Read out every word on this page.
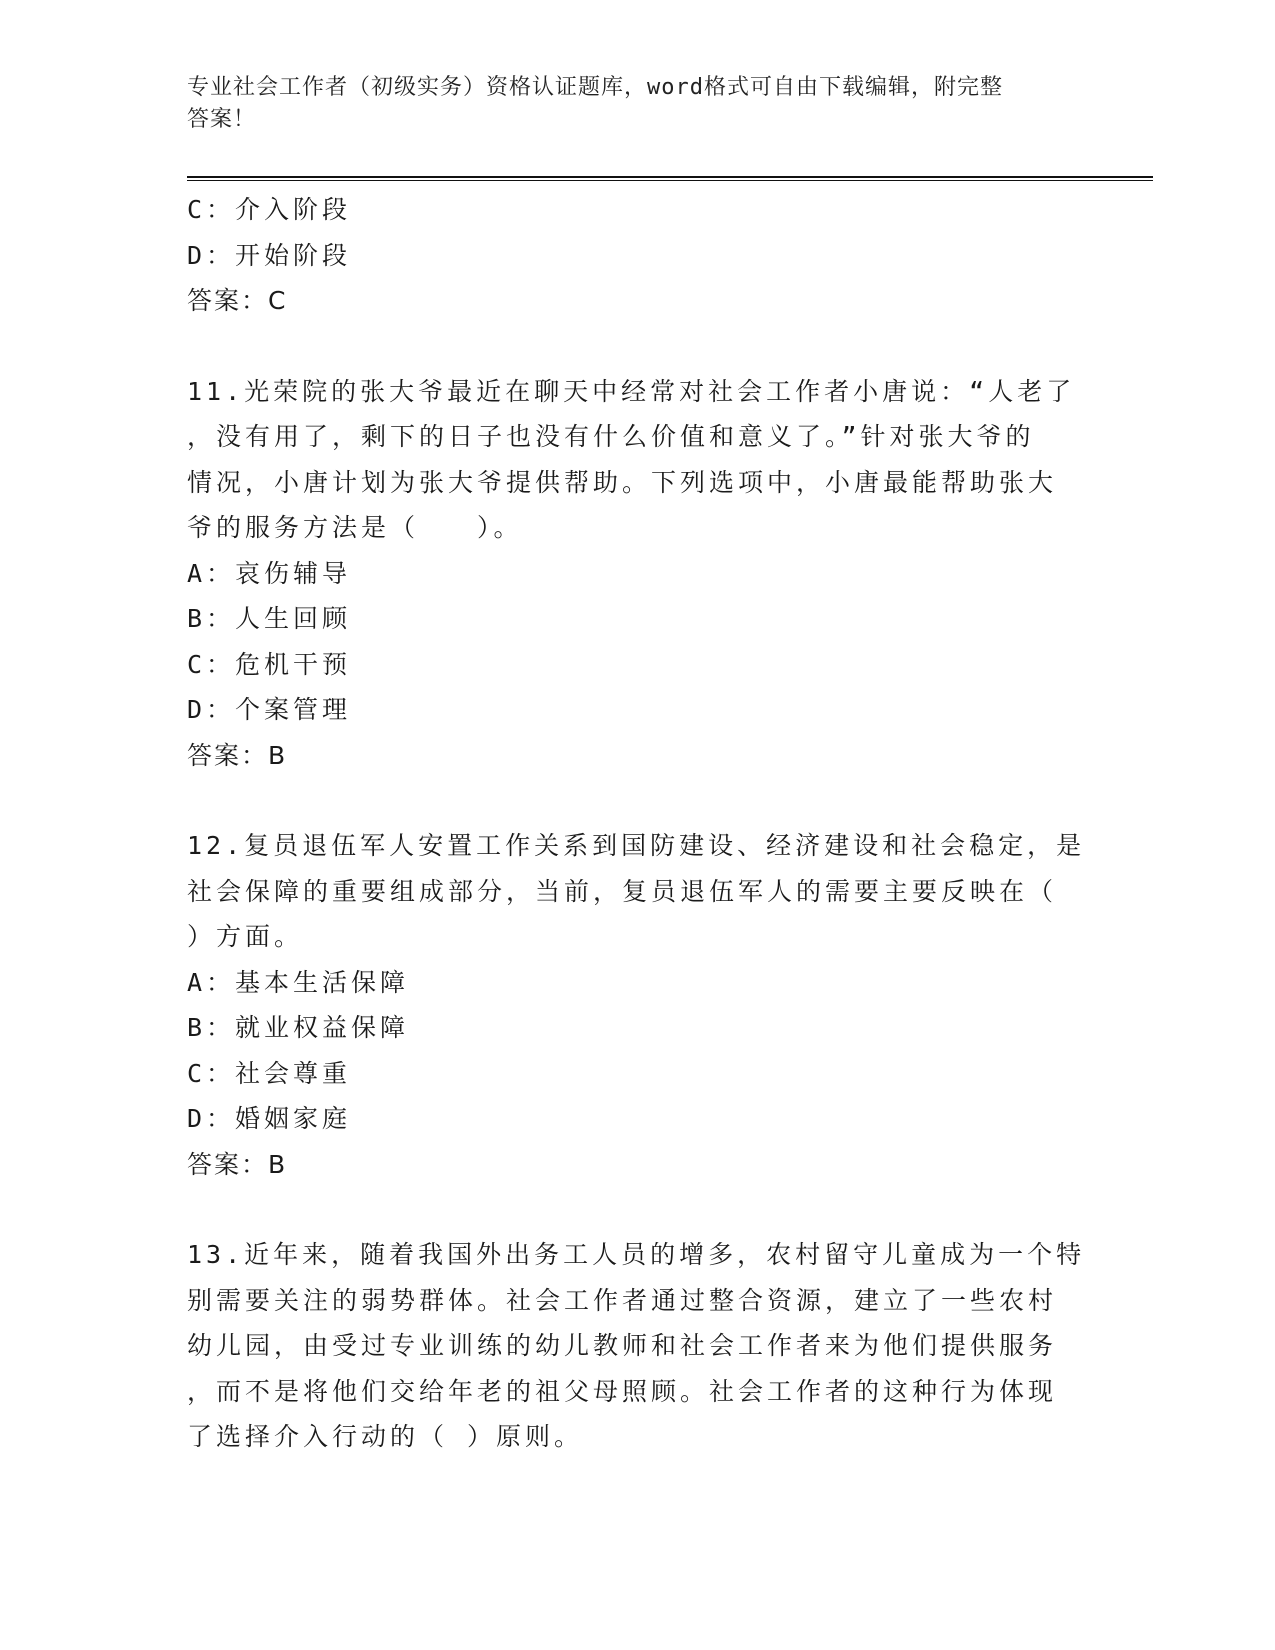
专业社会工作者（初级实务）资格认证题库，word格式可自由下载编辑，附完整
答案！
C：介入阶段
D：开始阶段
答案：C
11.光荣院的张大爷最近在聊天中经常对社会工作者小唐说：“人老了
，没有用了，剩下的日子也没有什么价值和意义了。”针对张大爷的
情况，小唐计划为张大爷提供帮助。下列选项中，小唐最能帮助张大
爷的服务方法是（　　）。
A：哀伤辅导
B：人生回顾
C：危机干预
D：个案管理
答案：B
12.复员退伍军人安置工作关系到国防建设、经济建设和社会稳定，是
社会保障的重要组成部分，当前，复员退伍军人的需要主要反映在（
）方面。
A：基本生活保障
B：就业权益保障
C：社会尊重
D：婚姻家庭
答案：B
13.近年来，随着我国外出务工人员的增多，农村留守儿童成为一个特
别需要关注的弱势群体。社会工作者通过整合资源，建立了一些农村
幼儿园，由受过专业训练的幼儿教师和社会工作者来为他们提供服务
，而不是将他们交给年老的祖父母照顾。社会工作者的这种行为体现
了选择介入行动的（ ）原则。
